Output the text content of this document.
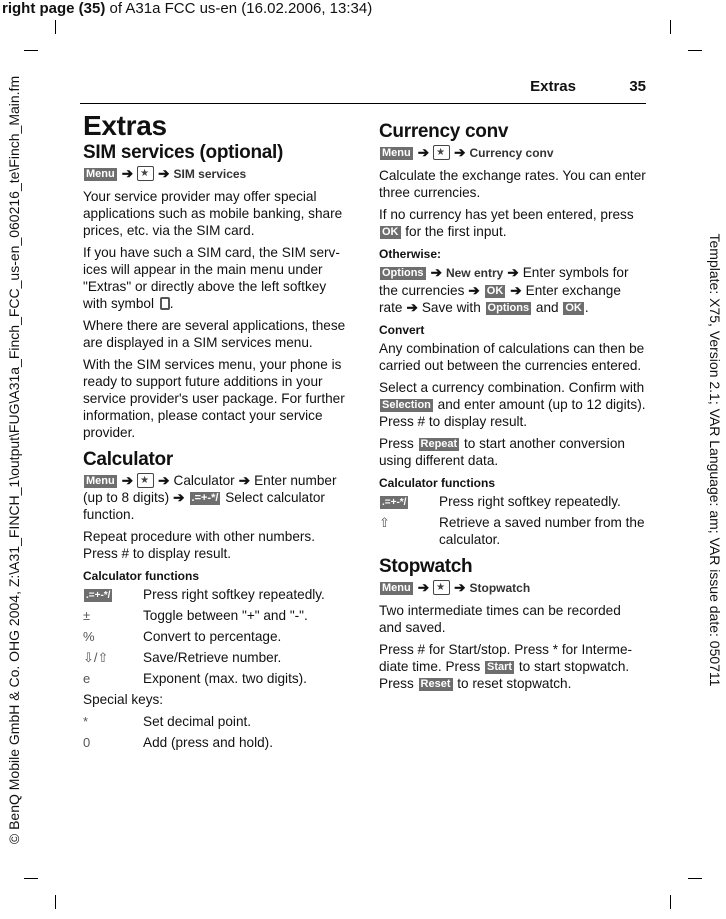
right page (35) of A31a FCC us-en (16.02.2006, 13:34)
© BenQ Mobile GmbH & Co. OHG 2004, Z:\A31_FINCH_1\output\FUG\A31a_Finch_FCC_us-en_060216_te\Finch_Main.fm	Template: X75, Version 2.1; VAR Language: am; VAR issue date: 050711
Extras	35
Extras
SIM services (optional)

Menu ➔ ★ ➔ SIM services

Your service provider may offer special applications such as mobile banking, share prices, etc. via the SIM card.

If you have such a SIM card, the SIM serv-ices will appear in the main menu under "Extras" or directly above the left softkey with symbol .

Where there are several applications, these are displayed in a SIM services menu.

With the SIM services menu, your phone is ready to support future additions in your service provider's user package. For further information, please contact your service provider.

Calculator

Menu ➔ ★ ➔ Calculator ➔ Enter number (up to 8 digits) ➔ .=+-*/ Select calculator function.

Repeat procedure with other numbers. Press # to display result.

Calculator functions
.=+-*/	Press right softkey repeatedly.
±	Toggle between "+" and "-".
%	Convert to percentage.
⇩/⇧	Save/Retrieve number.
e	Exponent (max. two digits).

Special keys:

*	Set decimal point.
0	Add (press and hold).
Currency conv

Menu ➔ ★ ➔ Currency conv

Calculate the exchange rates. You can enter three currencies.

If no currency has yet been entered, press OK for the first input.

Otherwise:

Options ➔ New entry ➔ Enter symbols for the currencies ➔ OK ➔ Enter exchange rate ➔ Save with Options and OK .

Convert

Any combination of calculations can then be carried out between the currencies entered.

Select a currency combination. Confirm with Selection and enter amount (up to 12 digits). Press # to display result.

Press Repeat to start another conversion using different data.

Calculator functions
.=+-*/	Press right softkey repeatedly.
⇧	Retrieve a saved number from the calculator.
Stopwatch

Menu ➔ ★ ➔ Stopwatch

Two intermediate times can be recorded and saved.

Press # for Start/stop. Press * for Interme-diate time. Press Start to start stopwatch. Press Reset to reset stopwatch.
